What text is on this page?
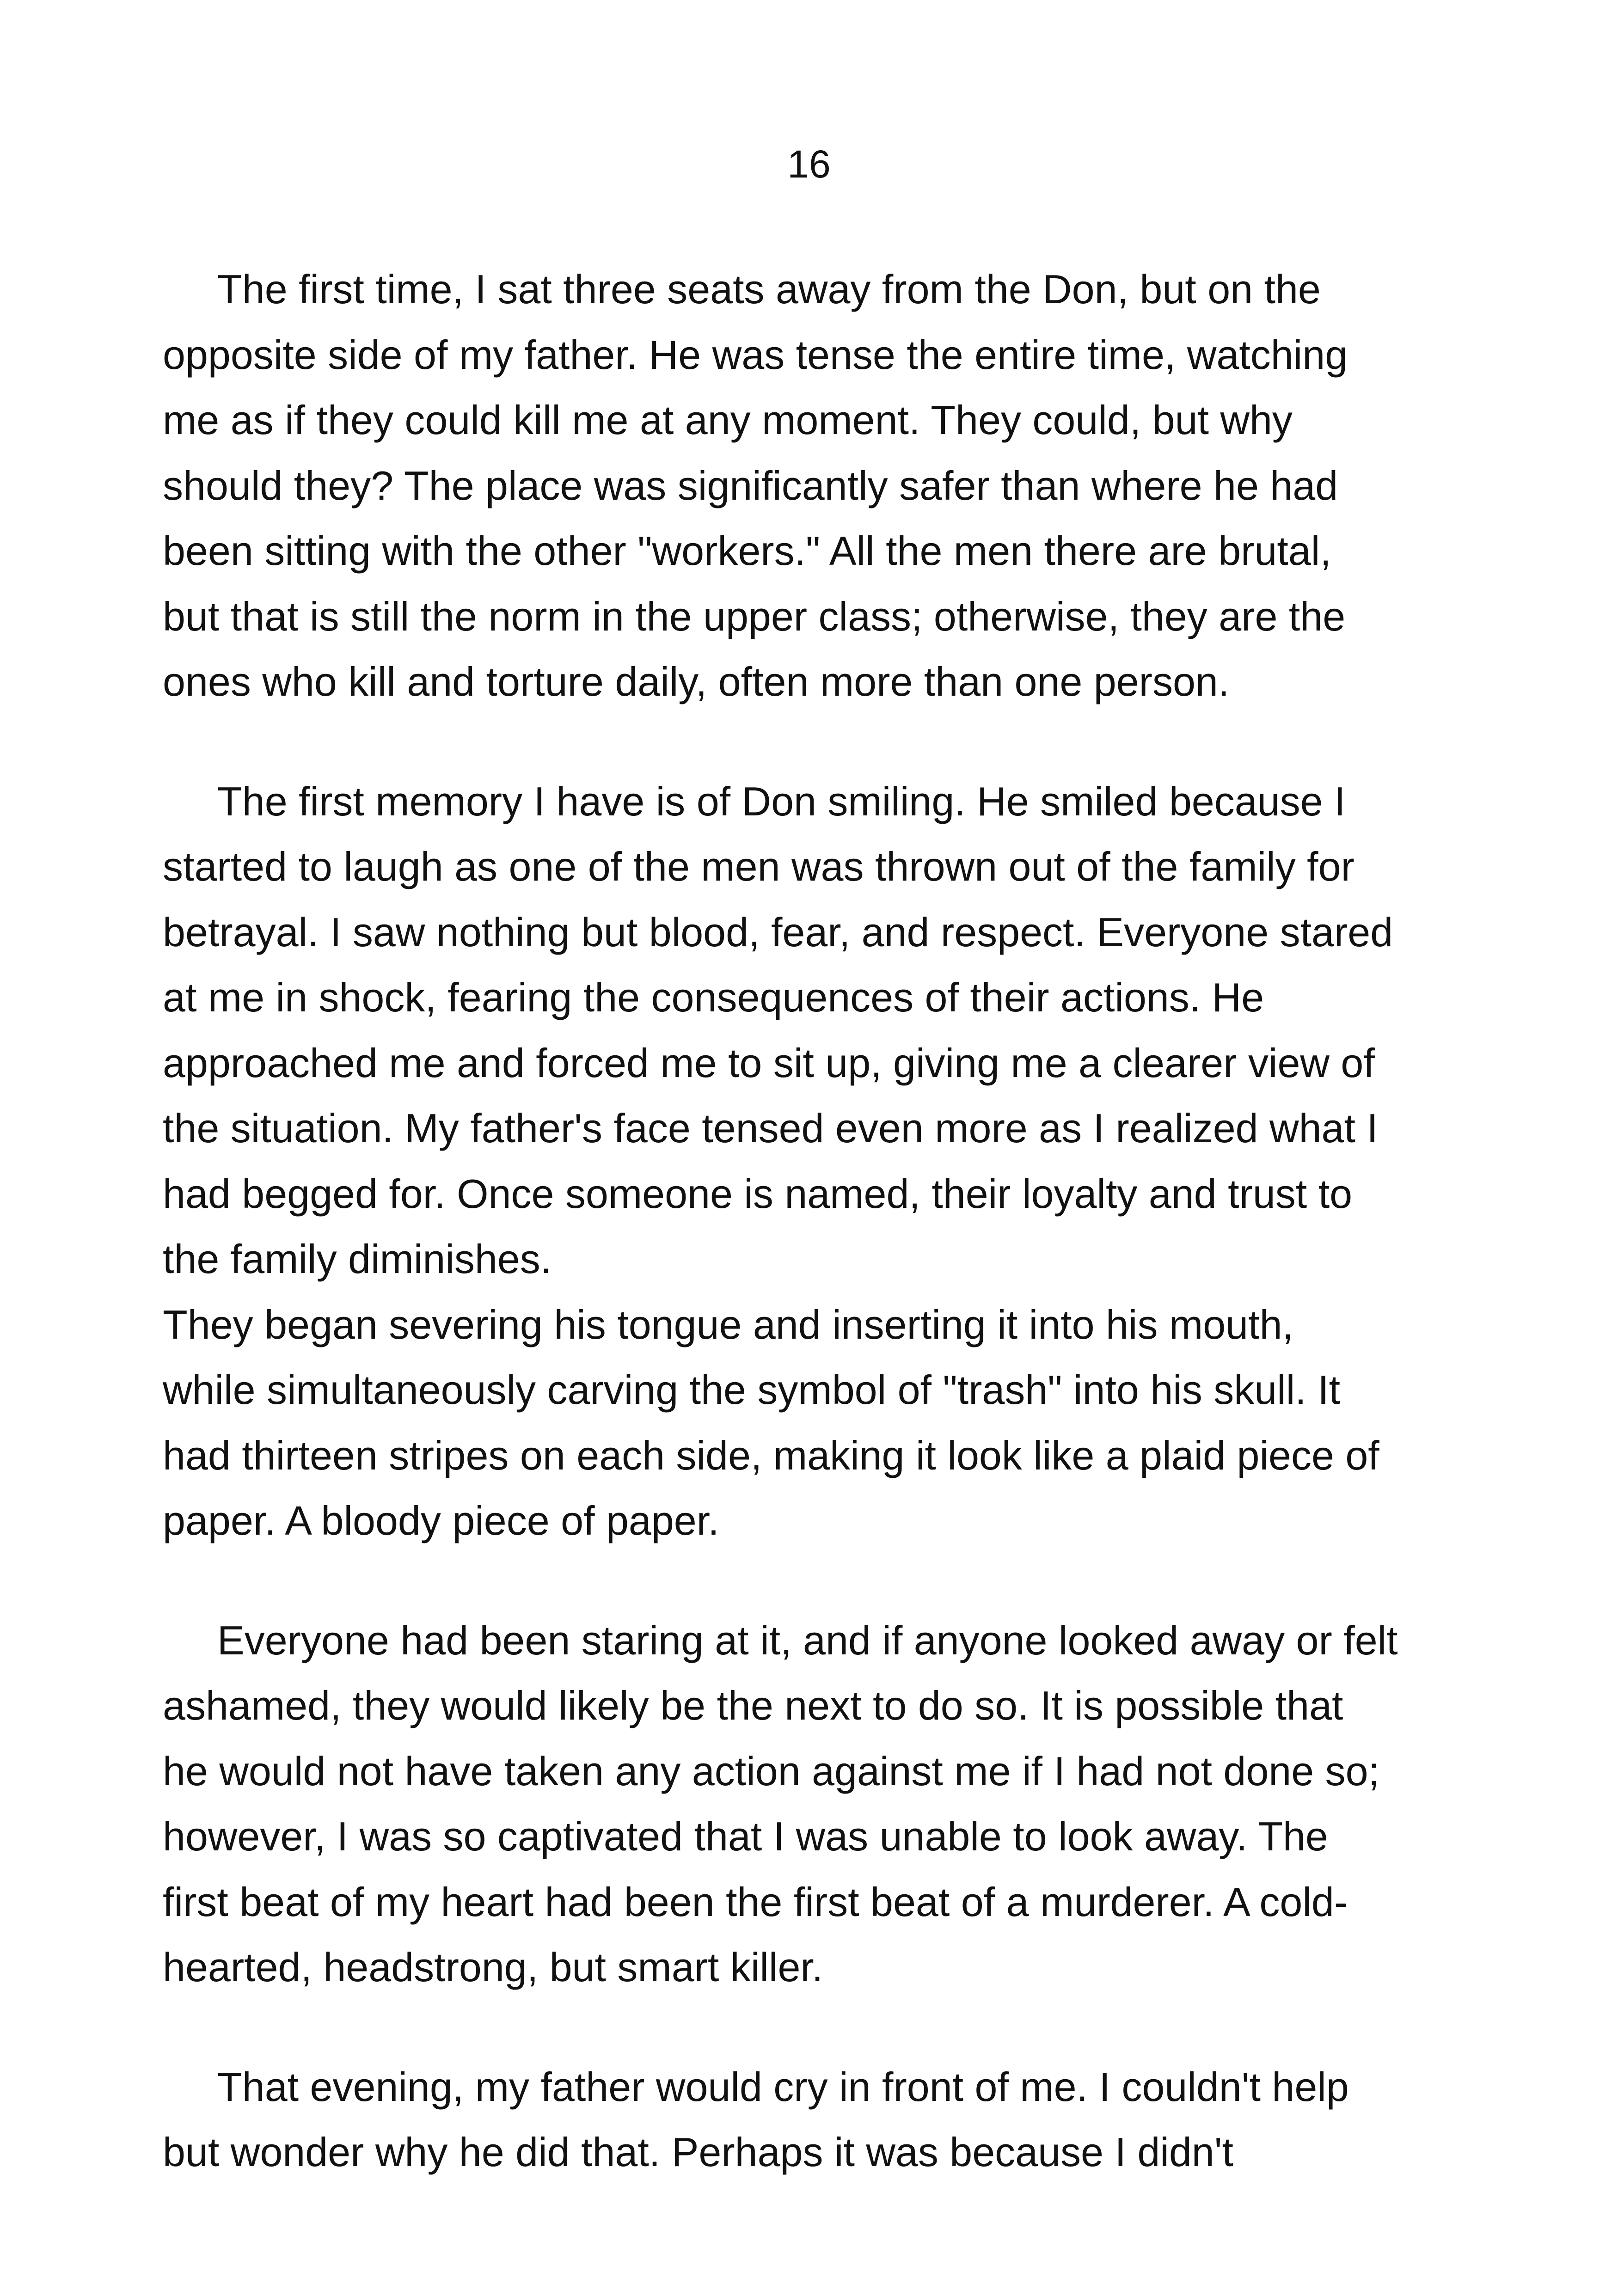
16
The first time, I sat three seats away from the Don, but on the
opposite side of my father. He was tense the entire time, watching
me as if they could kill me at any moment. They could, but why
should they? The place was significantly safer than where he had
been sitting with the other "workers." All the men there are brutal,
but that is still the norm in the upper class; otherwise, they are the
ones who kill and torture daily, often more than one person.
The first memory I have is of Don smiling. He smiled because I
started to laugh as one of the men was thrown out of the family for
betrayal. I saw nothing but blood, fear, and respect. Everyone stared
at me in shock, fearing the consequences of their actions. He
approached me and forced me to sit up, giving me a clearer view of
the situation. My father's face tensed even more as I realized what I
had begged for. Once someone is named, their loyalty and trust to
the family diminishes.
They began severing his tongue and inserting it into his mouth,
while simultaneously carving the symbol of "trash" into his skull. It
had thirteen stripes on each side, making it look like a plaid piece of
paper. A bloody piece of paper.
Everyone had been staring at it, and if anyone looked away or felt
ashamed, they would likely be the next to do so. It is possible that
he would not have taken any action against me if I had not done so;
however, I was so captivated that I was unable to look away. The
first beat of my heart had been the first beat of a murderer. A cold-
hearted, headstrong, but smart killer.
That evening, my father would cry in front of me. I couldn't help
but wonder why he did that. Perhaps it was because I didn't
